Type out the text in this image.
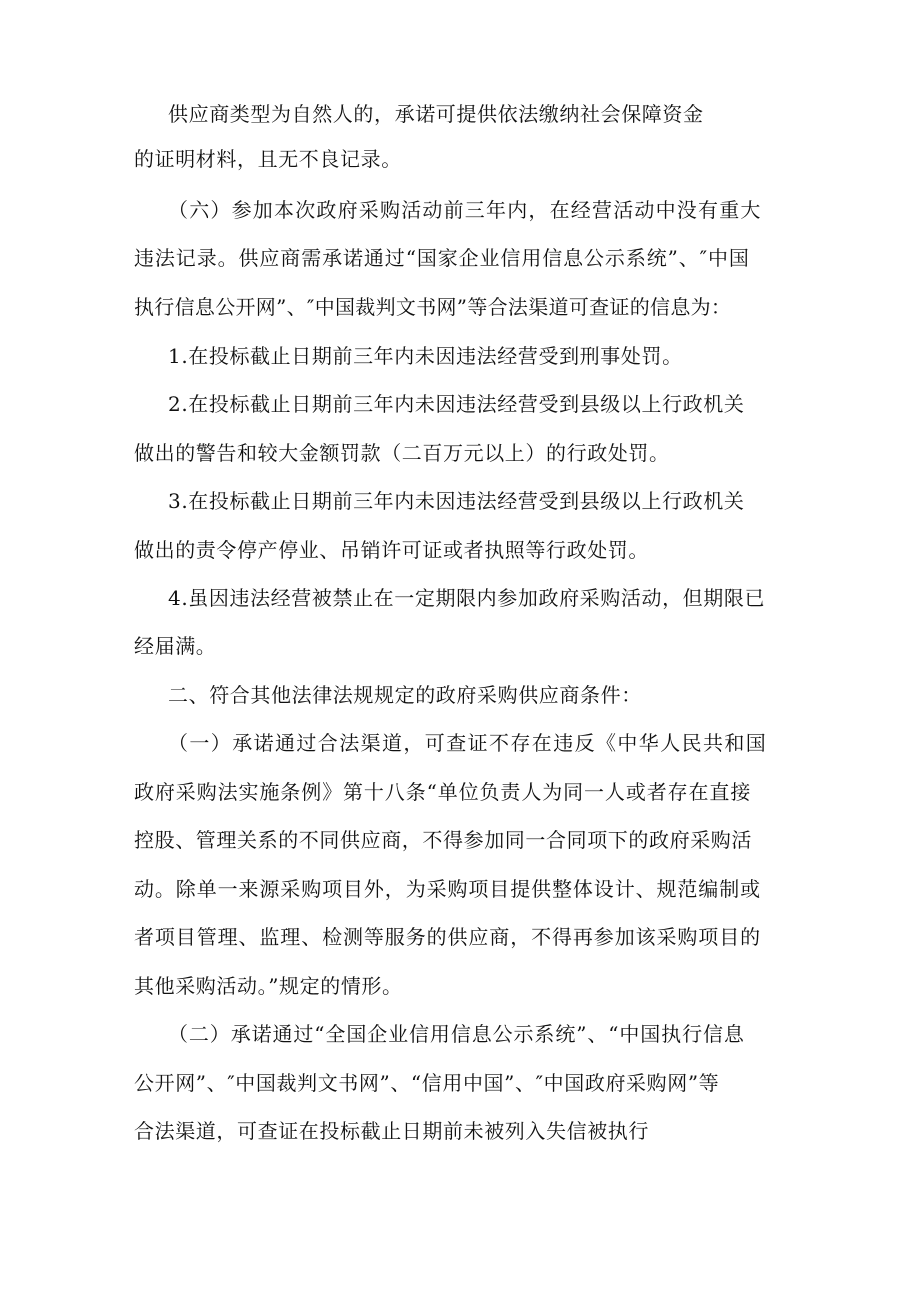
供应商类型为自然人的，承诺可提供依法缴纳社会保障资金

的证明材料，且无不良记录。

（六）参加本次政府采购活动前三年内，在经营活动中没有重大

违法记录。供应商需承诺通过“国家企业信用信息公示系统”、″中国

执行信息公开网”、″中国裁判文书网”等合法渠道可查证的信息为：

1.在投标截止日期前三年内未因违法经营受到刑事处罚。

2.在投标截止日期前三年内未因违法经营受到县级以上行政机关

做出的警告和较大金额罚款（二百万元以上）的行政处罚。

3.在投标截止日期前三年内未因违法经营受到县级以上行政机关

做出的责令停产停业、吊销许可证或者执照等行政处罚。

4.虽因违法经营被禁止在一定期限内参加政府采购活动，但期限已

经届满。

二、符合其他法律法规规定的政府采购供应商条件：

（一）承诺通过合法渠道，可查证不存在违反《中华人民共和国

政府采购法实施条例》第十八条“单位负责人为同一人或者存在直接

控股、管理关系的不同供应商，不得参加同一合同项下的政府采购活

动。除单一来源采购项目外，为采购项目提供整体设计、规范编制或

者项目管理、监理、检测等服务的供应商，不得再参加该采购项目的

其他采购活动。”规定的情形。

（二）承诺通过“全国企业信用信息公示系统”、“中国执行信息

公开网”、″中国裁判文书网”、“信用中国”、″中国政府采购网”等

合法渠道，可查证在投标截止日期前未被列入失信被执行
